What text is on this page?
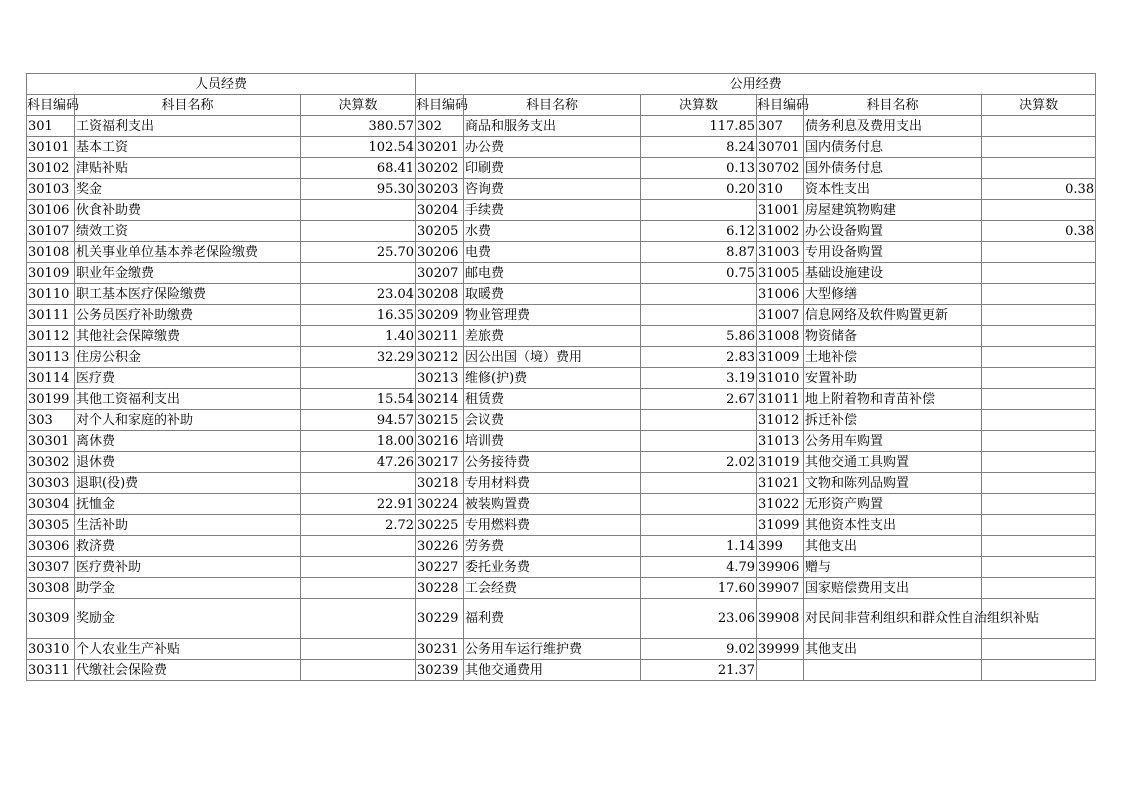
人员经费			公用经费					
科目编码	科目名称	决算数	科目编码	科目名称	决算数	科目编码	科目名称	决算数
301	工资福利支出	380.57	302	商品和服务支出	117.85	307	债务利息及费用支出	
30101	基本工资	102.54	30201	办公费	8.24	30701	国内债务付息	
30102	津贴补贴	68.41	30202	印刷费	0.13	30702	国外债务付息	
30103	奖金	95.30	30203	咨询费	0.20	310	资本性支出	0.38
30106	伙食补助费		30204	手续费		31001	房屋建筑物购建	
30107	绩效工资		30205	水费	6.12	31002	办公设备购置	0.38
30108	机关事业单位基本养老保险缴费	25.70	30206	电费	8.87	31003	专用设备购置	
30109	职业年金缴费		30207	邮电费	0.75	31005	基础设施建设	
30110	职工基本医疗保险缴费	23.04	30208	取暖费		31006	大型修缮	
30111	公务员医疗补助缴费	16.35	30209	物业管理费		31007	信息网络及软件购置更新	
30112	其他社会保障缴费	1.40	30211	差旅费	5.86	31008	物资储备	
30113	住房公积金	32.29	30212	因公出国（境）费用	2.83	31009	土地补偿	
30114	医疗费		30213	维修(护)费	3.19	31010	安置补助	
30199	其他工资福利支出	15.54	30214	租赁费	2.67	31011	地上附着物和青苗补偿	
303	对个人和家庭的补助	94.57	30215	会议费		31012	拆迁补偿	
30301	离休费	18.00	30216	培训费		31013	公务用车购置	
30302	退休费	47.26	30217	公务接待费	2.02	31019	其他交通工具购置	
30303	退职(役)费		30218	专用材料费		31021	文物和陈列品购置	
30304	抚恤金	22.91	30224	被装购置费		31022	无形资产购置	
30305	生活补助	2.72	30225	专用燃料费		31099	其他资本性支出	
30306	救济费		30226	劳务费	1.14	399	其他支出	
30307	医疗费补助		30227	委托业务费	4.79	39906	赠与	
30308	助学金		30228	工会经费	17.60	39907	国家赔偿费用支出	
30309	奖励金		30229	福利费	23.06	39908	对民间非营利组织和群众性自治组织补贴	
30310	个人农业生产补贴		30231	公务用车运行维护费	9.02	39999	其他支出	
30311	代缴社会保险费		30239	其他交通费用	21.37			
